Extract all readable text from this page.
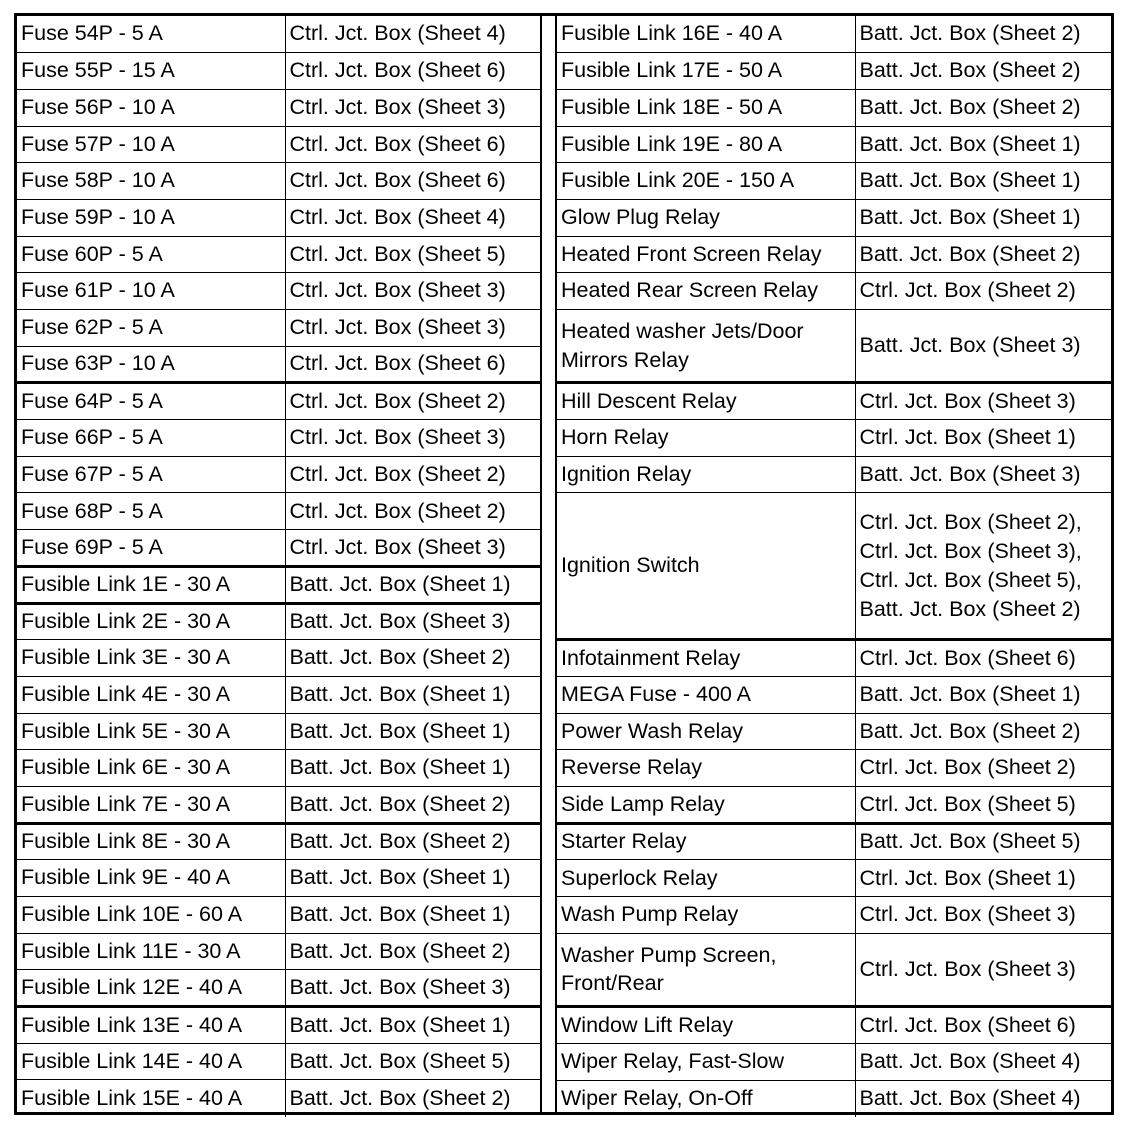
Fuse 54P - 5 A	Ctrl. Jct. Box (Sheet 4)
Fuse 55P - 15 A	Ctrl. Jct. Box (Sheet 6)
Fuse 56P - 10 A	Ctrl. Jct. Box (Sheet 3)
Fuse 57P - 10 A	Ctrl. Jct. Box (Sheet 6)
Fuse 58P - 10 A	Ctrl. Jct. Box (Sheet 6)
Fuse 59P - 10 A	Ctrl. Jct. Box (Sheet 4)
Fuse 60P - 5 A	Ctrl. Jct. Box (Sheet 5)
Fuse 61P - 10 A	Ctrl. Jct. Box (Sheet 3)
Fuse 62P - 5 A	Ctrl. Jct. Box (Sheet 3)
Fuse 63P - 10 A	Ctrl. Jct. Box (Sheet 6)
Fuse 64P - 5 A	Ctrl. Jct. Box (Sheet 2)
Fuse 66P - 5 A	Ctrl. Jct. Box (Sheet 3)
Fuse 67P - 5 A	Ctrl. Jct. Box (Sheet 2)
Fuse 68P - 5 A	Ctrl. Jct. Box (Sheet 2)
Fuse 69P - 5 A	Ctrl. Jct. Box (Sheet 3)
Fusible Link 1E - 30 A	Batt. Jct. Box (Sheet 1)
Fusible Link 2E - 30 A	Batt. Jct. Box (Sheet 3)
Fusible Link 3E - 30 A	Batt. Jct. Box (Sheet 2)
Fusible Link 4E - 30 A	Batt. Jct. Box (Sheet 1)
Fusible Link 5E - 30 A	Batt. Jct. Box (Sheet 1)
Fusible Link 6E - 30 A	Batt. Jct. Box (Sheet 1)
Fusible Link 7E - 30 A	Batt. Jct. Box (Sheet 2)
Fusible Link 8E - 30 A	Batt. Jct. Box (Sheet 2)
Fusible Link 9E - 40 A	Batt. Jct. Box (Sheet 1)
Fusible Link 10E - 60 A	Batt. Jct. Box (Sheet 1)
Fusible Link 11E - 30 A	Batt. Jct. Box (Sheet 2)
Fusible Link 12E - 40 A	Batt. Jct. Box (Sheet 3)
Fusible Link 13E - 40 A	Batt. Jct. Box (Sheet 1)
Fusible Link 14E - 40 A	Batt. Jct. Box (Sheet 5)
Fusible Link 15E - 40 A	Batt. Jct. Box (Sheet 2)
Fusible Link 16E - 40 A	Batt. Jct. Box (Sheet 2)
Fusible Link 17E - 50 A	Batt. Jct. Box (Sheet 2)
Fusible Link 18E - 50 A	Batt. Jct. Box (Sheet 2)
Fusible Link 19E - 80 A	Batt. Jct. Box (Sheet 1)
Fusible Link 20E - 150 A	Batt. Jct. Box (Sheet 1)
Glow Plug Relay	Batt. Jct. Box (Sheet 1)
Heated Front Screen Relay	Batt. Jct. Box (Sheet 2)
Heated Rear Screen Relay	Ctrl. Jct. Box (Sheet 2)
Heated washer Jets/Door Mirrors Relay	Batt. Jct. Box (Sheet 3)
Hill Descent Relay	Ctrl. Jct. Box (Sheet 3)
Horn Relay	Ctrl. Jct. Box (Sheet 1)
Ignition Relay	Batt. Jct. Box (Sheet 3)
Ignition Switch	Ctrl. Jct. Box (Sheet 2), Ctrl. Jct. Box (Sheet 3), Ctrl. Jct. Box (Sheet 5), Batt. Jct. Box (Sheet 2)
Infotainment Relay	Ctrl. Jct. Box (Sheet 6)
MEGA Fuse - 400 A	Batt. Jct. Box (Sheet 1)
Power Wash Relay	Batt. Jct. Box (Sheet 2)
Reverse Relay	Ctrl. Jct. Box (Sheet 2)
Side Lamp Relay	Ctrl. Jct. Box (Sheet 5)
Starter Relay	Batt. Jct. Box (Sheet 5)
Superlock Relay	Ctrl. Jct. Box (Sheet 1)
Wash Pump Relay	Ctrl. Jct. Box (Sheet 3)
Washer Pump Screen, Front/Rear	Ctrl. Jct. Box (Sheet 3)
Window Lift Relay	Ctrl. Jct. Box (Sheet 6)
Wiper Relay, Fast-Slow	Batt. Jct. Box (Sheet 4)
Wiper Relay, On-Off	Batt. Jct. Box (Sheet 4)
